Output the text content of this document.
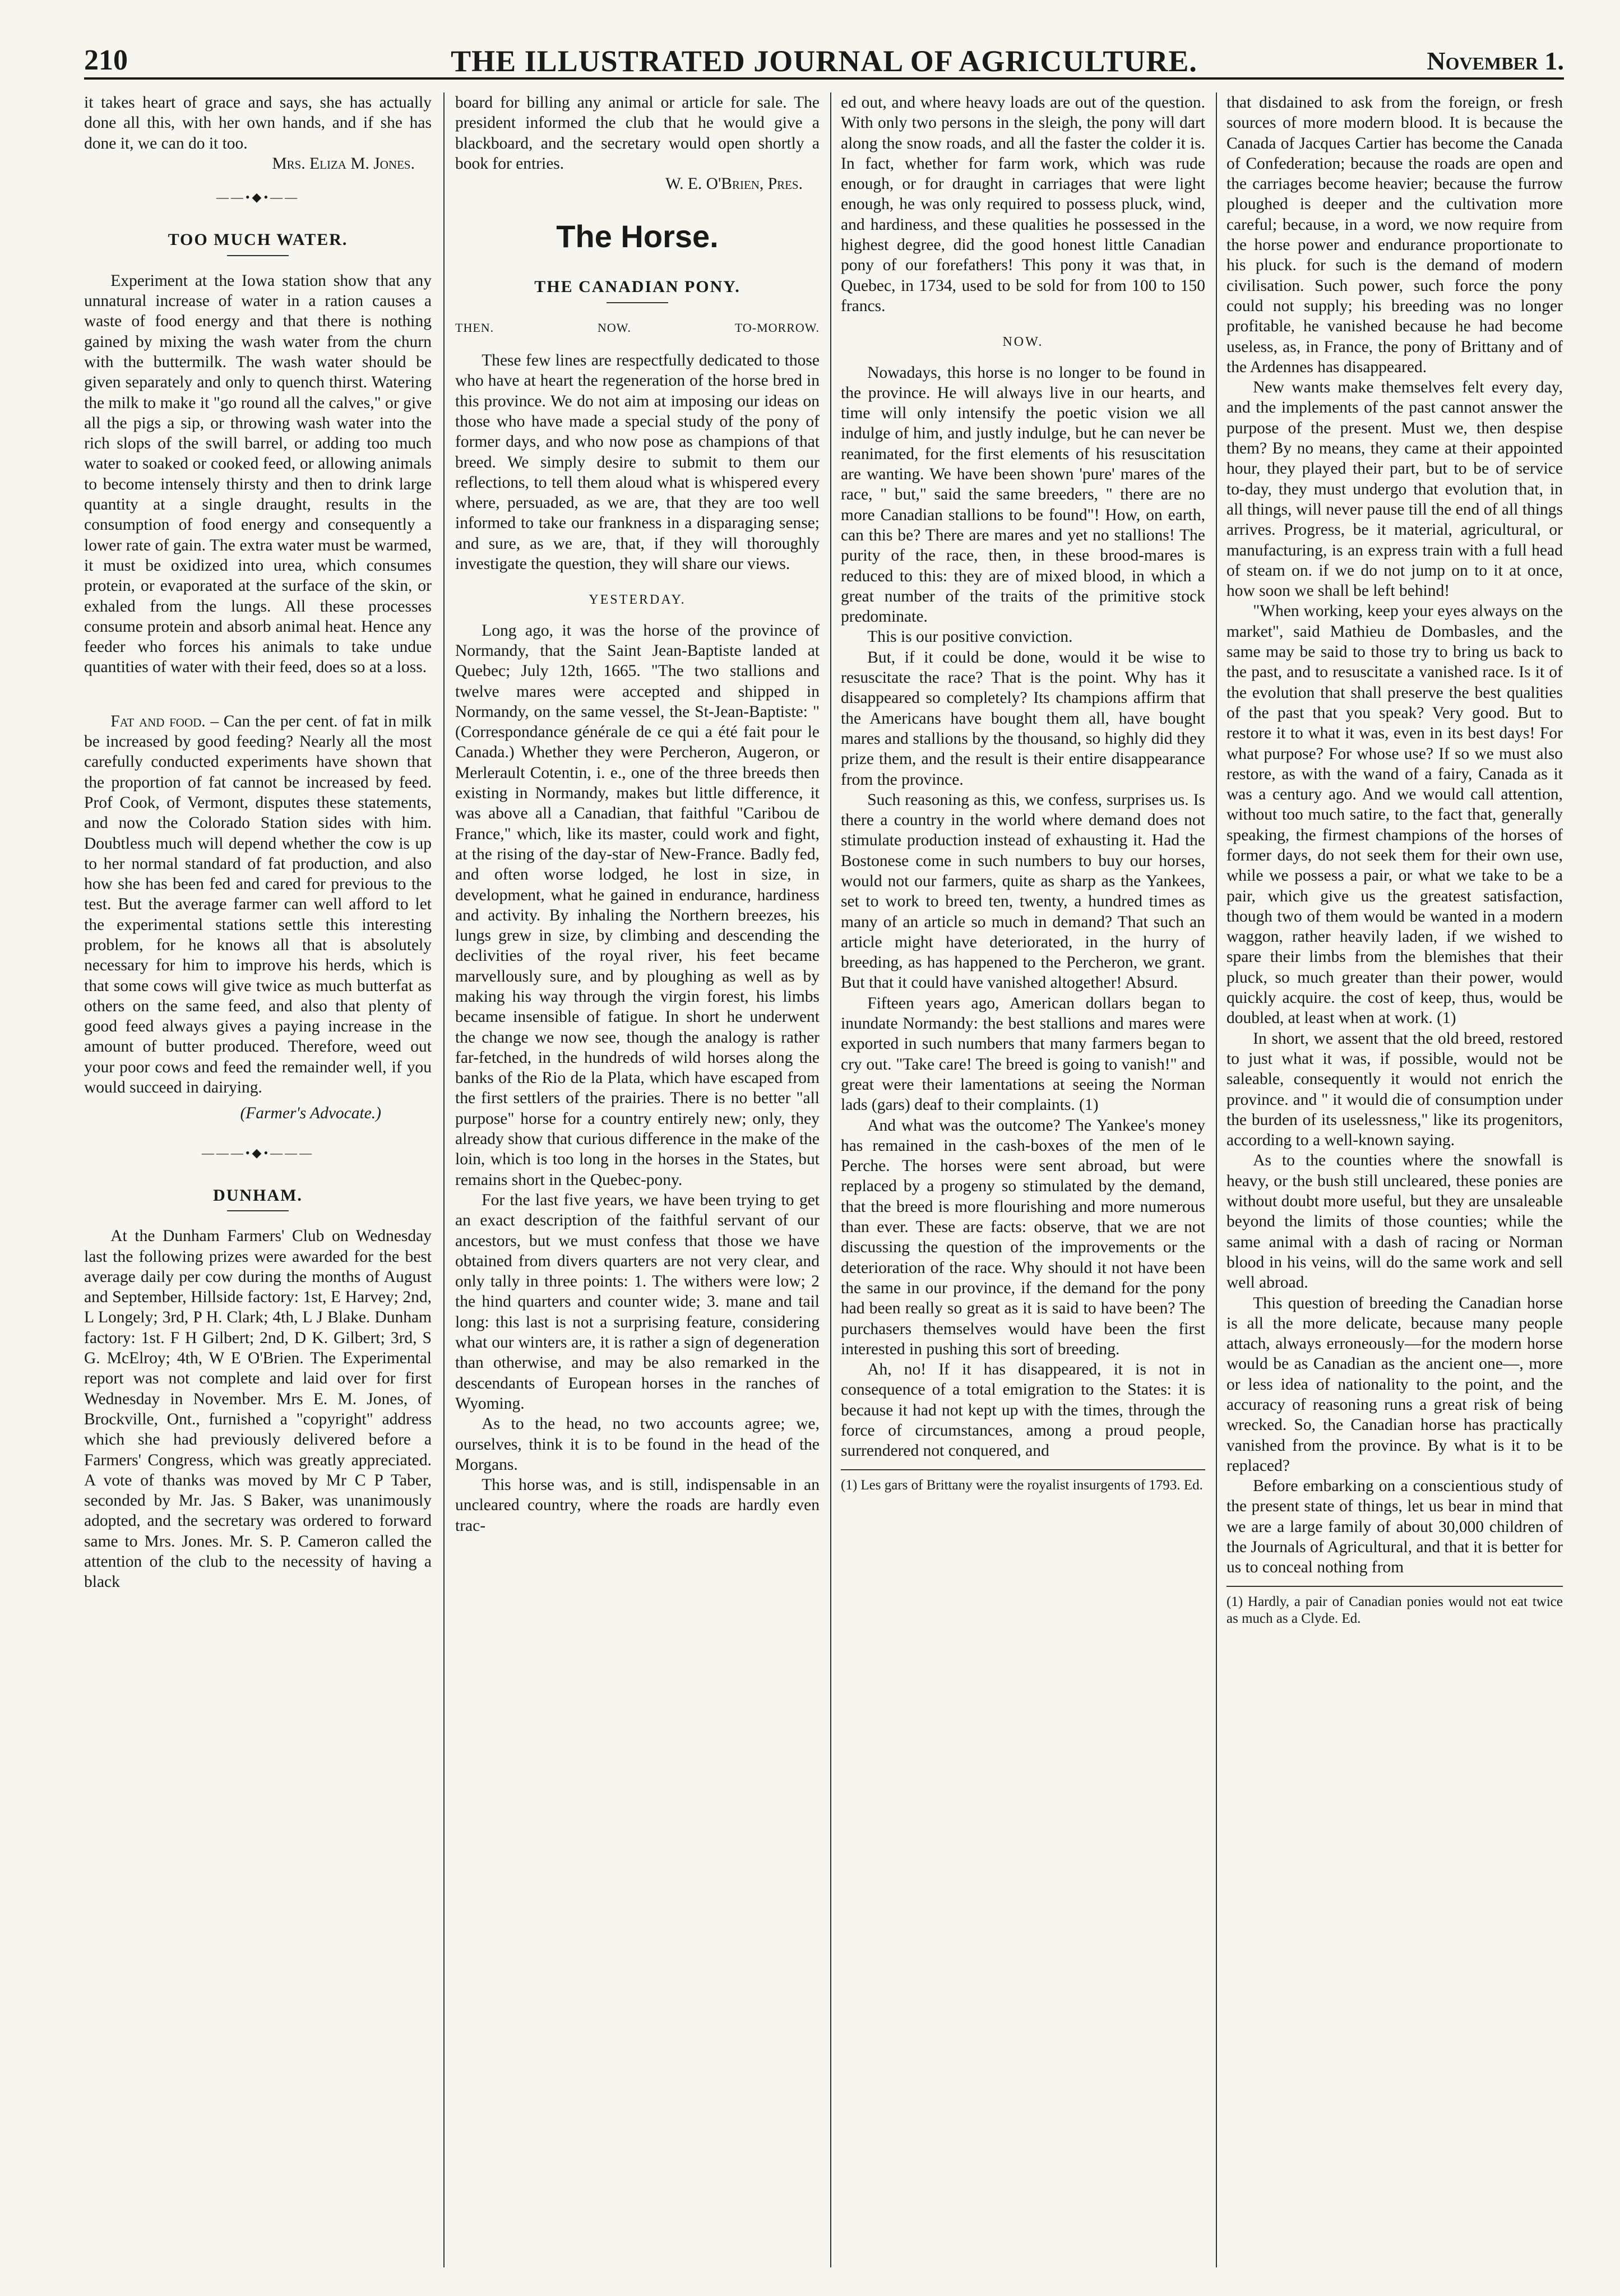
210	THE ILLUSTRATED JOURNAL OF AGRICULTURE.	November 1.

it takes heart of grace and says, she has actually done all this, with her own hands, and if she has done it, we can do it too.

Mrs. Eliza M. Jones.

——•◆•——
TOO MUCH WATER.

Experiment at the Iowa station show that any unnatural increase of water in a ration causes a waste of food energy and that there is nothing gained by mixing the wash water from the churn with the buttermilk. The wash water should be given separately and only to quench thirst. Watering the milk to make it "go round all the calves," or give all the pigs a sip, or throwing wash water into the rich slops of the swill barrel, or adding too much water to soaked or cooked feed, or allowing animals to become intensely thirsty and then to drink large quantity at a single draught, results in the consumption of food energy and consequently a lower rate of gain. The extra water must be warmed, it must be oxidized into urea, which consumes protein, or evaporated at the surface of the skin, or exhaled from the lungs. All these processes consume protein and absorb animal heat. Hence any feeder who forces his animals to take undue quantities of water with their feed, does so at a loss.

Fat and food. – Can the per cent. of fat in milk be increased by good feeding? Nearly all the most carefully conducted experiments have shown that the proportion of fat cannot be increased by feed. Prof Cook, of Vermont, disputes these statements, and now the Colorado Station sides with him. Doubtless much will depend whether the cow is up to her normal standard of fat production, and also how she has been fed and cared for previous to the test. But the average farmer can well afford to let the experimental stations settle this interesting problem, for he knows all that is absolutely necessary for him to improve his herds, which is that some cows will give twice as much butterfat as others on the same feed, and also that plenty of good feed always gives a paying increase in the amount of butter produced. Therefore, weed out your poor cows and feed the remainder well, if you would succeed in dairying.

(Farmer's Advocate.)

———•◆•———
DUNHAM.

At the Dunham Farmers' Club on Wednesday last the following prizes were awarded for the best average daily per cow during the months of August and September, Hillside factory: 1st, E Harvey; 2nd, L Longely; 3rd, P H. Clark; 4th, L J Blake. Dunham factory: 1st. F H Gilbert; 2nd, D K. Gilbert; 3rd, S G. McElroy; 4th, W E O'Brien. The Experimental report was not complete and laid over for first Wednesday in November. Mrs E. M. Jones, of Brockville, Ont., furnished a "copyright" address which she had previously delivered before a Farmers' Congress, which was greatly appreciated. A vote of thanks was moved by Mr C P Taber, seconded by Mr. Jas. S Baker, was unanimously adopted, and the secretary was ordered to forward same to Mrs. Jones. Mr. S. P. Cameron called the attention of the club to the necessity of having a black

board for billing any animal or article for sale. The president informed the club that he would give a blackboard, and the secretary would open shortly a book for entries.

W. E. O'Brien, Pres.

The Horse.
THE CANADIAN PONY.
THEN.	NOW.	TO-MORROW.

These few lines are respectfully dedicated to those who have at heart the regeneration of the horse bred in this province. We do not aim at imposing our ideas on those who have made a special study of the pony of former days, and who now pose as champions of that breed. We simply desire to submit to them our reflections, to tell them aloud what is whispered every where, persuaded, as we are, that they are too well informed to take our frankness in a disparaging sense; and sure, as we are, that, if they will thoroughly investigate the question, they will share our views.

YESTERDAY.

Long ago, it was the horse of the province of Normandy, that the Saint Jean-Baptiste landed at Quebec; July 12th, 1665. "The two stallions and twelve mares were accepted and shipped in Normandy, on the same vessel, the St-Jean-Baptiste: " (Correspondance générale de ce qui a été fait pour le Canada.) Whether they were Percheron, Augeron, or Merlerault Cotentin, i. e., one of the three breeds then existing in Normandy, makes but little difference, it was above all a Canadian, that faithful "Caribou de France," which, like its master, could work and fight, at the rising of the day-star of New-France. Badly fed, and often worse lodged, he lost in size, in development, what he gained in endurance, hardiness and activity. By inhaling the Northern breezes, his lungs grew in size, by climbing and descending the declivities of the royal river, his feet became marvellously sure, and by ploughing as well as by making his way through the virgin forest, his limbs became insensible of fatigue. In short he underwent the change we now see, though the analogy is rather far-fetched, in the hundreds of wild horses along the banks of the Rio de la Plata, which have escaped from the first settlers of the prairies. There is no better "all purpose" horse for a country entirely new; only, they already show that curious difference in the make of the loin, which is too long in the horses in the States, but remains short in the Quebec-pony.

For the last five years, we have been trying to get an exact description of the faithful servant of our ancestors, but we must confess that those we have obtained from divers quarters are not very clear, and only tally in three points: 1. The withers were low; 2 the hind quarters and counter wide; 3. mane and tail long: this last is not a surprising feature, considering what our winters are, it is rather a sign of degeneration than otherwise, and may be also remarked in the descendants of European horses in the ranches of Wyoming.

As to the head, no two accounts agree; we, ourselves, think it is to be found in the head of the Morgans.

This horse was, and is still, indispensable in an uncleared country, where the roads are hardly even trac-

ed out, and where heavy loads are out of the question. With only two persons in the sleigh, the pony will dart along the snow roads, and all the faster the colder it is. In fact, whether for farm work, which was rude enough, or for draught in carriages that were light enough, he was only required to possess pluck, wind, and hardiness, and these qualities he possessed in the highest degree, did the good honest little Canadian pony of our forefathers! This pony it was that, in Quebec, in 1734, used to be sold for from 100 to 150 francs.

NOW.

Nowadays, this horse is no longer to be found in the province. He will always live in our hearts, and time will only intensify the poetic vision we all indulge of him, and justly indulge, but he can never be reanimated, for the first elements of his resuscitation are wanting. We have been shown 'pure' mares of the race, " but," said the same breeders, " there are no more Canadian stallions to be found"! How, on earth, can this be? There are mares and yet no stallions! The purity of the race, then, in these brood-mares is reduced to this: they are of mixed blood, in which a great number of the traits of the primitive stock predominate.

This is our positive conviction.

But, if it could be done, would it be wise to resuscitate the race? That is the point. Why has it disappeared so completely? Its champions affirm that the Americans have bought them all, have bought mares and stallions by the thousand, so highly did they prize them, and the result is their entire disappearance from the province.

Such reasoning as this, we confess, surprises us. Is there a country in the world where demand does not stimulate production instead of exhausting it. Had the Bostonese come in such numbers to buy our horses, would not our farmers, quite as sharp as the Yankees, set to work to breed ten, twenty, a hundred times as many of an article so much in demand? That such an article might have deteriorated, in the hurry of breeding, as has happened to the Percheron, we grant. But that it could have vanished altogether! Absurd.

Fifteen years ago, American dollars began to inundate Normandy: the best stallions and mares were exported in such numbers that many farmers began to cry out. "Take care! The breed is going to vanish!" and great were their lamentations at seeing the Norman lads (gars) deaf to their complaints. (1)

And what was the outcome? The Yankee's money has remained in the cash-boxes of the men of le Perche. The horses were sent abroad, but were replaced by a progeny so stimulated by the demand, that the breed is more flourishing and more numerous than ever. These are facts: observe, that we are not discussing the question of the improvements or the deterioration of the race. Why should it not have been the same in our province, if the demand for the pony had been really so great as it is said to have been? The purchasers themselves would have been the first interested in pushing this sort of breeding.

Ah, no! If it has disappeared, it is not in consequence of a total emigration to the States: it is because it had not kept up with the times, through the force of circumstances, among a proud people, surrendered not conquered, and

(1) Les gars of Brittany were the royalist insurgents of 1793. Ed.

that disdained to ask from the foreign, or fresh sources of more modern blood. It is because the Canada of Jacques Cartier has become the Canada of Confederation; because the roads are open and the carriages become heavier; because the furrow ploughed is deeper and the cultivation more careful; because, in a word, we now require from the horse power and endurance proportionate to his pluck. for such is the demand of modern civilisation. Such power, such force the pony could not supply; his breeding was no longer profitable, he vanished because he had become useless, as, in France, the pony of Brittany and of the Ardennes has disappeared.

New wants make themselves felt every day, and the implements of the past cannot answer the purpose of the present. Must we, then despise them? By no means, they came at their appointed hour, they played their part, but to be of service to-day, they must undergo that evolution that, in all things, will never pause till the end of all things arrives. Progress, be it material, agricultural, or manufacturing, is an express train with a full head of steam on. if we do not jump on to it at once, how soon we shall be left behind!

"When working, keep your eyes always on the market", said Mathieu de Dombasles, and the same may be said to those try to bring us back to the past, and to resuscitate a vanished race. Is it of the evolution that shall preserve the best qualities of the past that you speak? Very good. But to restore it to what it was, even in its best days! For what purpose? For whose use? If so we must also restore, as with the wand of a fairy, Canada as it was a century ago. And we would call attention, without too much satire, to the fact that, generally speaking, the firmest champions of the horses of former days, do not seek them for their own use, while we possess a pair, or what we take to be a pair, which give us the greatest satisfaction, though two of them would be wanted in a modern waggon, rather heavily laden, if we wished to spare their limbs from the blemishes that their pluck, so much greater than their power, would quickly acquire. the cost of keep, thus, would be doubled, at least when at work. (1)

In short, we assent that the old breed, restored to just what it was, if possible, would not be saleable, consequently it would not enrich the province. and " it would die of consumption under the burden of its uselessness," like its progenitors, according to a well-known saying.

As to the counties where the snowfall is heavy, or the bush still uncleared, these ponies are without doubt more useful, but they are unsaleable beyond the limits of those counties; while the same animal with a dash of racing or Norman blood in his veins, will do the same work and sell well abroad.

This question of breeding the Canadian horse is all the more delicate, because many people attach, always erroneously—for the modern horse would be as Canadian as the ancient one—, more or less idea of nationality to the point, and the accuracy of reasoning runs a great risk of being wrecked. So, the Canadian horse has practically vanished from the province. By what is it to be replaced?

Before embarking on a conscientious study of the present state of things, let us bear in mind that we are a large family of about 30,000 children of the Journals of Agricultural, and that it is better for us to conceal nothing from

(1) Hardly, a pair of Canadian ponies would not eat twice as much as a Clyde. Ed.
